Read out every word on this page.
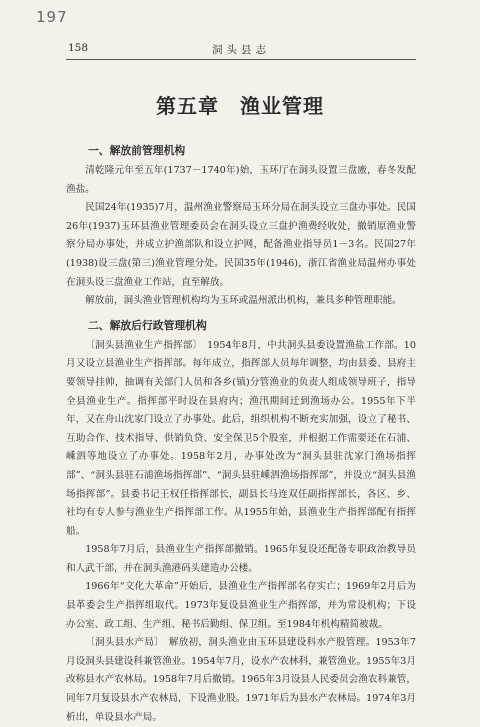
197
158	洞头县志
第五章　渔业管理
一、解放前管理机构

清乾隆元年至五年(1737－1740年)始，玉环厅在洞头设置三盘廒，春冬发配渔盐。

民国24年(1935)7月，温州渔业警察局玉环分局在洞头设立三盘办事处。民国26年(1937)玉环县渔业管理委员会在洞头设立三盘护渔费经收处，撤销原渔业警察分局办事处，并成立护渔部队和设立护网，配备渔业指导员1－3名。民国27年(1938)设三盘(第三)渔业管理分处。民国35年(1946)，浙江省渔业局温州办事处在洞头设三盘渔业工作站，直至解放。

解放前，洞头渔业管理机构均为玉环或温州派出机构，兼具多种管理职能。

二、解放后行政管理机构

〔洞头县渔业生产指挥部〕　1954年8月，中共洞头县委设置渔盐工作部。10月又设立县渔业生产指挥部。每年成立，指挥部人员每年调整，均由县委、县府主要领导挂帅，抽调有关部门人员和各乡(镇)分管渔业的负责人组成领导班子，指导全县渔业生产。指挥部平时设在县府内；渔汛期间迁到渔场办公。1955年下半年，又在舟山沈家门设立了办事处。此后，组织机构不断充实加强，设立了秘书、互助合作、技术指导、供销负贷、安全保卫5个股室，并根据工作需要还在石浦、嵊泗等地设立了办事处。1958年2月，办事处改为“洞头县驻沈家门渔场指挥部”、“洞头县驻石浦渔场指挥部”、“洞头县驻嵊泗渔场指挥部”，并设立“洞头县渔场指挥部”。县委书记王权任指挥部长，副县长马连双任副指挥部长，各区、乡、社均有专人参与渔业生产指挥部工作。从1955年始，县渔业生产指挥部配有指挥船。

1958年7月后，县渔业生产指挥部撤销。1965年复设还配备专职政治教导员和人武干部，并在洞头渔港码头建造办公楼。

1966年“文化大革命”开始后，县渔业生产指挥部名存实亡；1969年2月后为县革委会生产指挥组取代。1973年复设县渔业生产指挥部，并为常设机构；下设办公室、政工组、生产组、秘书后勤组、保卫组。至1984年机构精简被裁。

〔洞头县水产局〕　解放初，洞头渔业由玉环县建设科水产股管理。1953年7月设洞头县建设科兼管渔业。1954年7月，设水产农林科，兼管渔业。1955年3月改称县水产农林局。1958年7月后撤销。1965年3月设县人民委员会渔农科兼管，同年7月复设县水产农林局，下设渔业股。1971年后为县水产农林局。1974年3月析出，单设县水产局。
